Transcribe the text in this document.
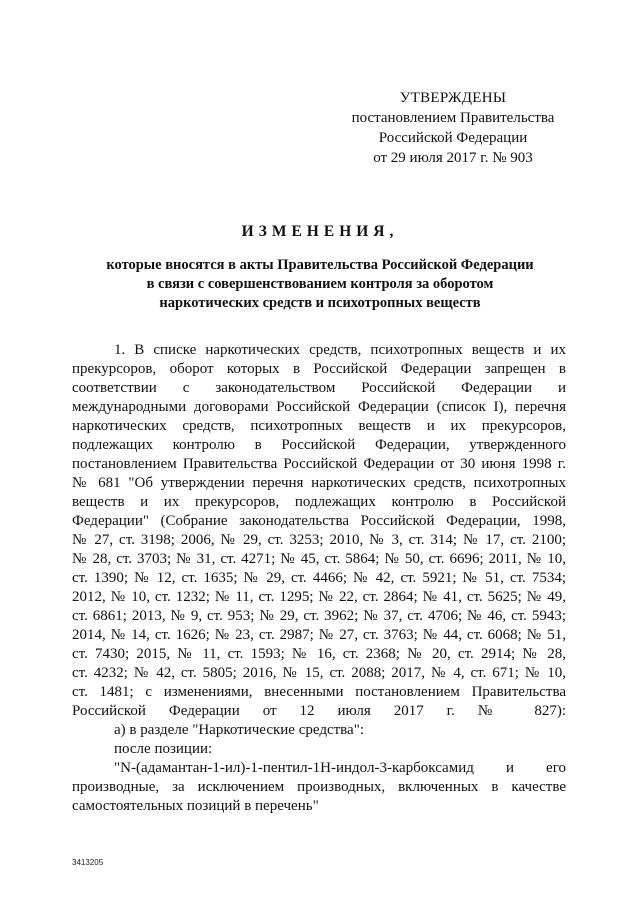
УТВЕРЖДЕНЫ
постановлением Правительства
Российской Федерации
от 29 июля 2017 г. № 903
ИЗМЕНЕНИЯ,
которые вносятся в акты Правительства Российской Федерации
в связи с совершенствованием контроля за оборотом
наркотических средств и психотропных веществ
1. В списке наркотических средств, психотропных веществ и их
прекурсоров, оборот которых в Российской Федерации запрещен в
соответствии с законодательством Российской Федерации и
международными договорами Российской Федерации (список I), перечня
наркотических средств, психотропных веществ и их прекурсоров,
подлежащих контролю в Российской Федерации, утвержденного
постановлением Правительства Российской Федерации от 30 июня 1998 г.
№ 681 "Об утверждении перечня наркотических средств, психотропных
веществ и их прекурсоров, подлежащих контролю в Российской
Федерации" (Собрание законодательства Российской Федерации, 1998,
№ 27, ст. 3198; 2006, № 29, ст. 3253; 2010, № 3, ст. 314; № 17, ст. 2100;
№ 28, ст. 3703; № 31, ст. 4271; № 45, ст. 5864; № 50, ст. 6696; 2011, № 10,
ст. 1390; № 12, ст. 1635; № 29, ст. 4466; № 42, ст. 5921; № 51, ст. 7534;
2012, № 10, ст. 1232; № 11, ст. 1295; № 22, ст. 2864; № 41, ст. 5625; № 49,
ст. 6861; 2013, № 9, ст. 953; № 29, ст. 3962; № 37, ст. 4706; № 46, ст. 5943;
2014, № 14, ст. 1626; № 23, ст. 2987; № 27, ст. 3763; № 44, ст. 6068; № 51,
ст. 7430; 2015, № 11, ст. 1593; № 16, ст. 2368; № 20, ст. 2914; № 28,
ст. 4232; № 42, ст. 5805; 2016, № 15, ст. 2088; 2017, № 4, ст. 671; № 10,
ст. 1481; с изменениями, внесенными постановлением Правительства
Российской Федерации от 12 июля 2017 г. № 827):
а) в разделе "Наркотические средства":
после позиции:
"N-(адамантан-1-ил)-1-пентил-1Н-индол-3-карбоксамид и его
производные, за исключением производных, включенных в качестве
самостоятельных позиций в перечень"
3413205
